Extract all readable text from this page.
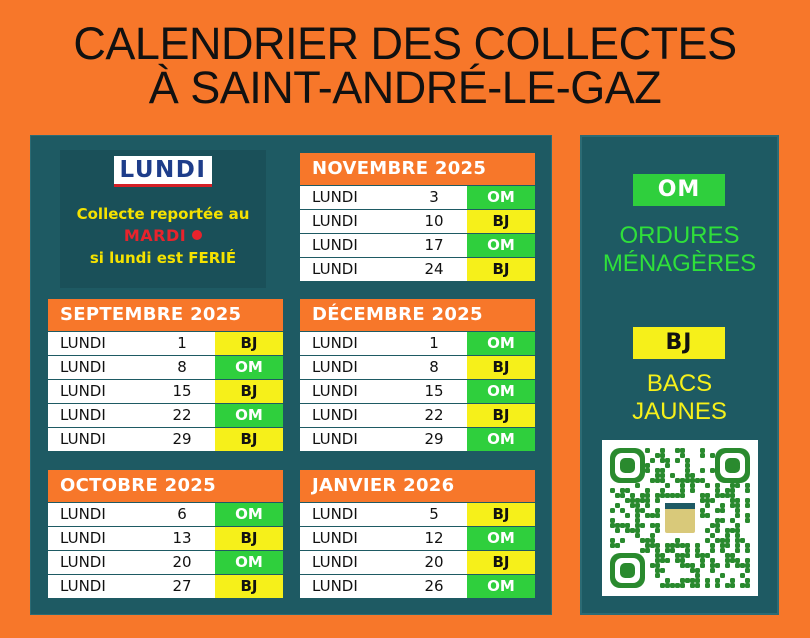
CALENDRIER DES COLLECTES
À SAINT-ANDRÉ-LE-GAZ
LUNDI
Collecte reportée au
MARDI
si lundi est FERIÉ
SEPTEMBRE 2025
LUNDI	1	BJ
LUNDI	8	OM
LUNDI	15	BJ
LUNDI	22	OM
LUNDI	29	BJ
OCTOBRE 2025
LUNDI	6	OM
LUNDI	13	BJ
LUNDI	20	OM
LUNDI	27	BJ
NOVEMBRE 2025
LUNDI	3	OM
LUNDI	10	BJ
LUNDI	17	OM
LUNDI	24	BJ
DÉCEMBRE 2025
LUNDI	1	OM
LUNDI	8	BJ
LUNDI	15	OM
LUNDI	22	BJ
LUNDI	29	OM
JANVIER 2026
LUNDI	5	BJ
LUNDI	12	OM
LUNDI	20	BJ
LUNDI	26	OM
OM
ORDURES
MÉNAGÈRES
BJ
BACS
JAUNES
